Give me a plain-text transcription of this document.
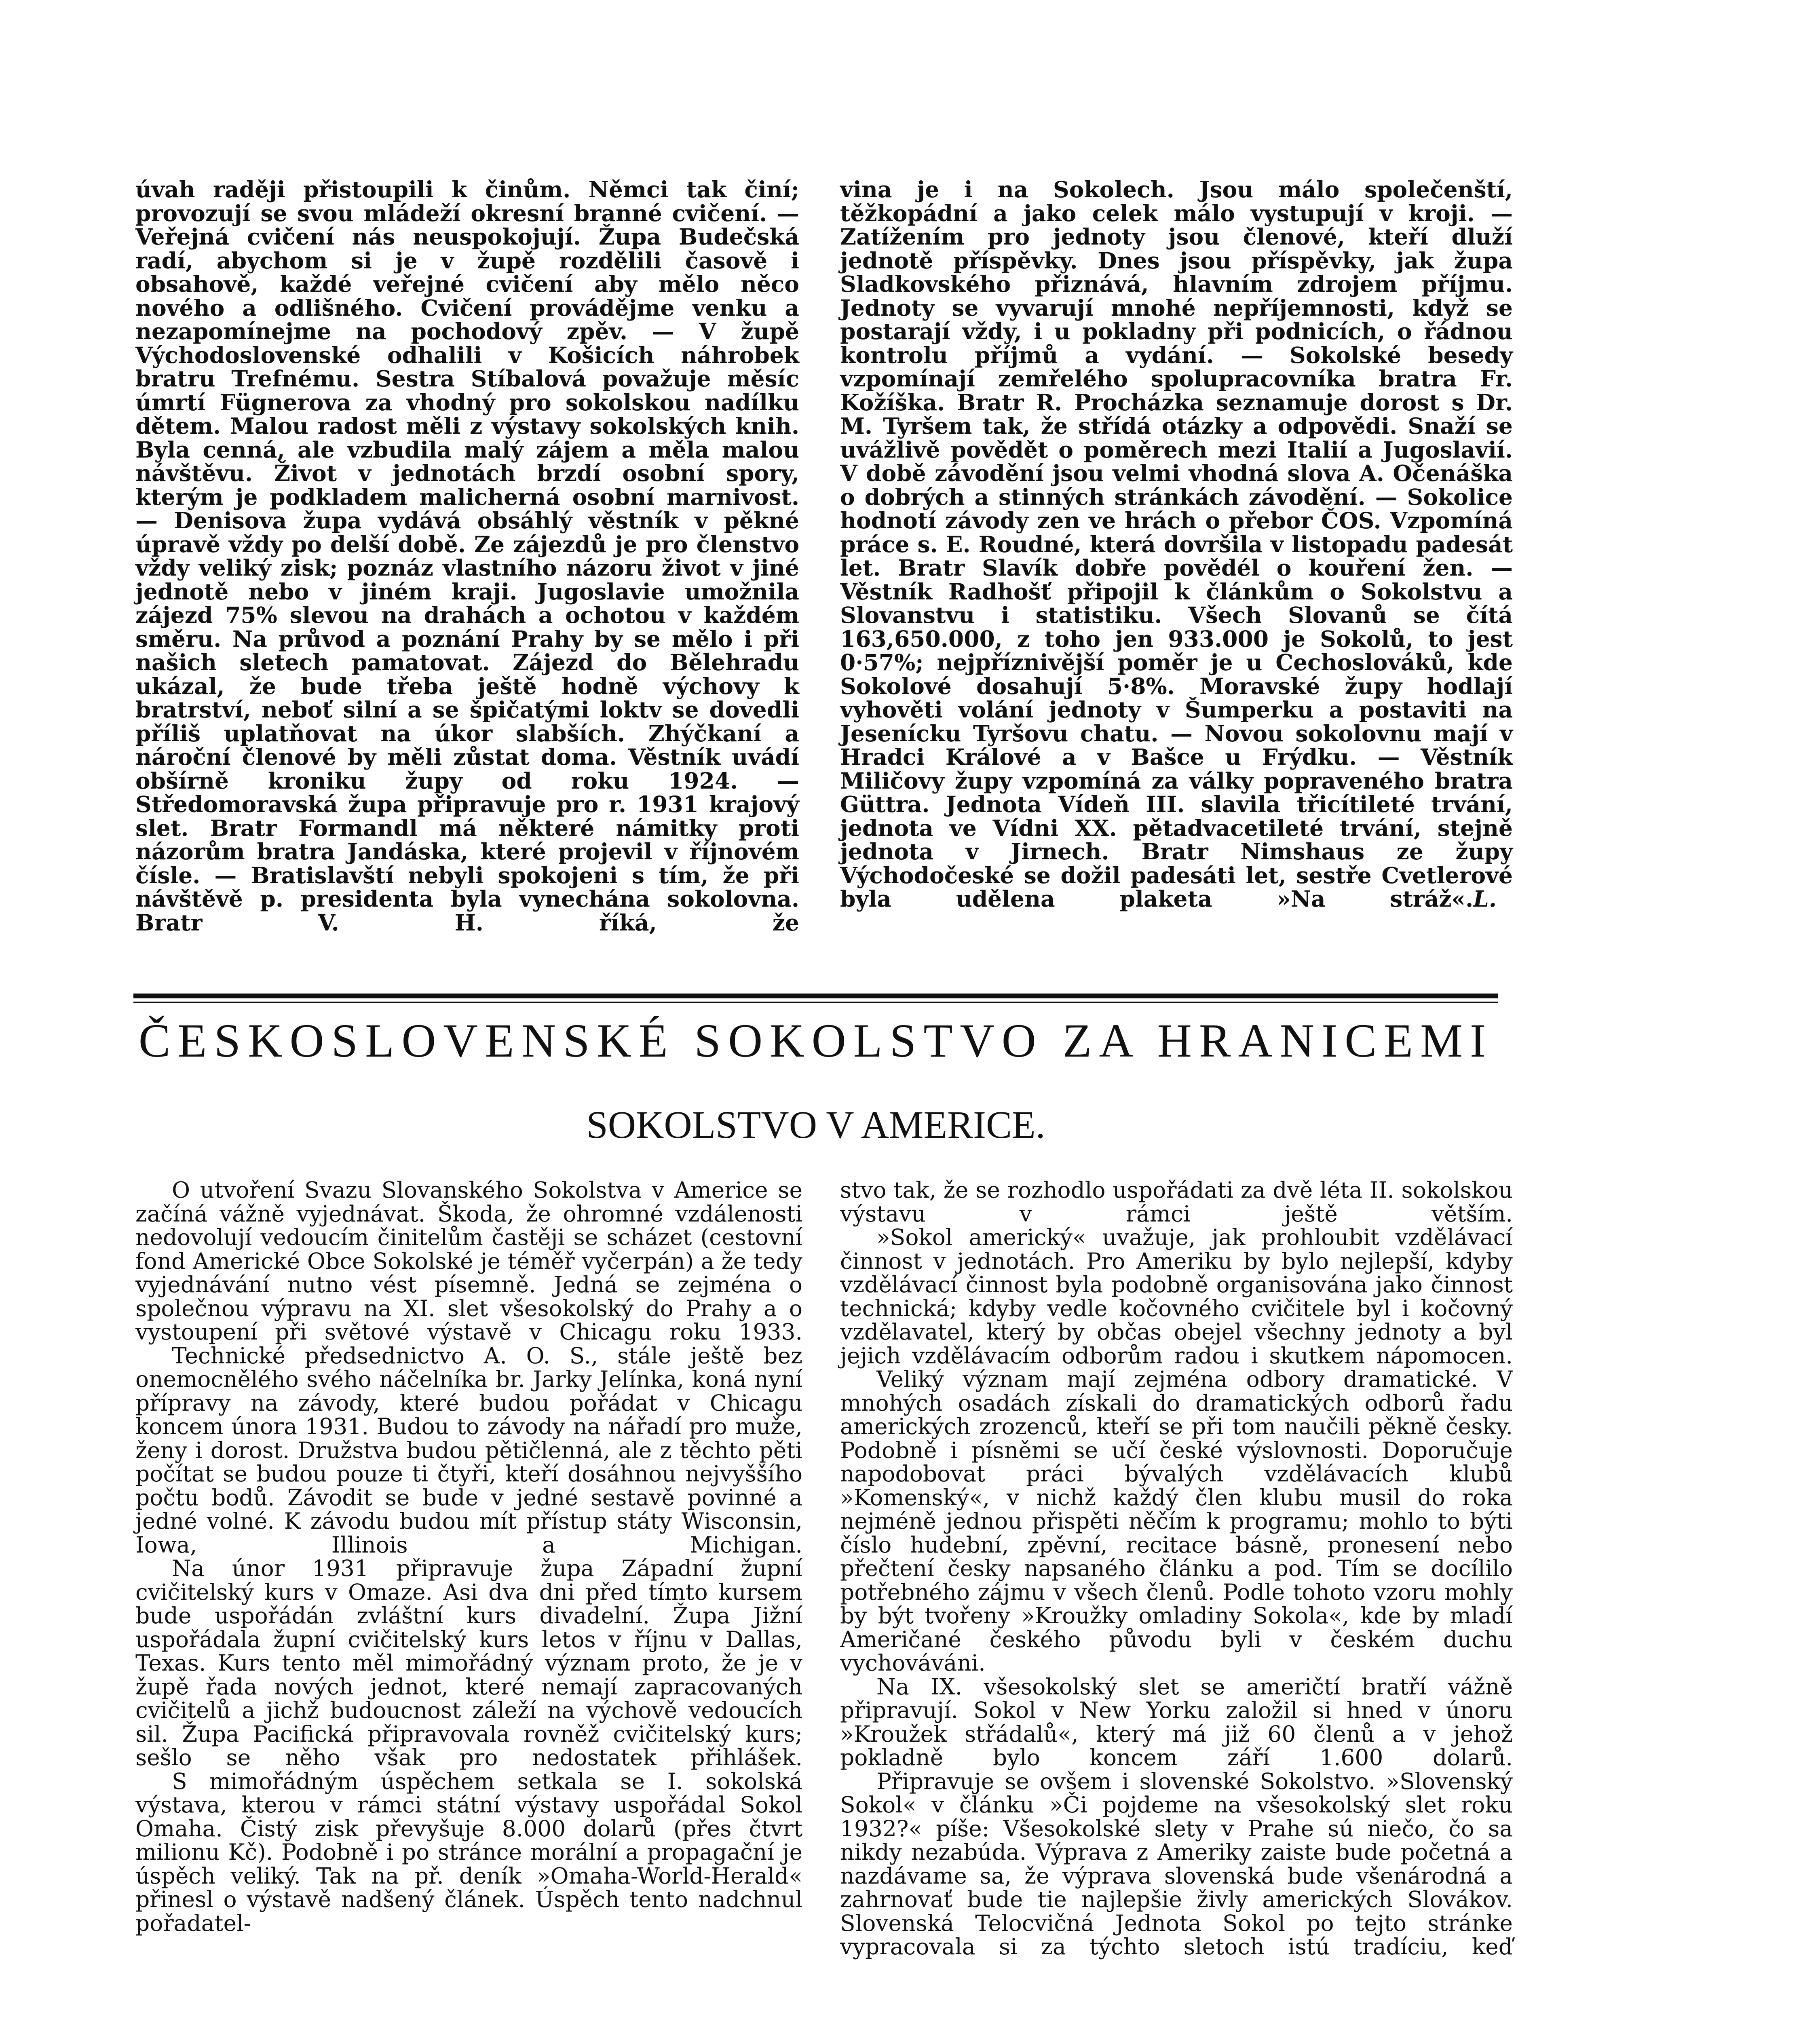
úvah raději přistoupili k činům. Němci tak činí; provozují se svou mládeží okresní branné cvičení. — Veřejná cvičení nás neuspokojují. Župa Budečská radí, abychom si je v župě rozdělili časově i obsahově, každé veřejné cvičení aby mělo něco nového a odlišného. Cvičení provádějme venku a nezapomínejme na pochodový zpěv. — V župě Východoslovenské odhalili v Košicích náhrobek bratru Trefnému. Sestra Stíbalová považuje měsíc úmrtí Fügnerova za vhodný pro sokolskou nadílku dětem. Malou radost měli z výstavy sokolských knih. Byla cenná, ale vzbudila malý zájem a měla malou návštěvu. Život v jednotách brzdí osobní spory, kterým je podkladem malicherná osobní marnivost. — Denisova župa vydává obsáhlý věstník v pěkné úpravě vždy po delší době. Ze zájezdů je pro členstvo vždy veliký zisk; poznáz vlastního názoru život v jiné jednotě nebo v jiném kraji. Jugoslavie umožnila zájezd 75% slevou na drahách a ochotou v každém směru. Na průvod a poznání Prahy by se mělo i při našich sletech pamatovat. Zájezd do Bělehradu ukázal, že bude třeba ještě hodně výchovy k bratrství, neboť silní a se špičatými loktv se dovedli příliš uplatňovat na úkor slabších. Zhýčkaní a nároční členové by měli zůstat doma. Věstník uvádí obšírně kroniku župy od roku 1924. — Středomoravská župa připravuje pro r. 1931 krajový slet. Bratr Formandl má některé námitky proti názorům bratra Jandáska, které projevil v říjnovém čísle. — Bratislavští nebyli spokojeni s tím, že při návštěvě p. presidenta byla vynechána sokolovna. Bratr V. H. říká, že

vina je i na Sokolech. Jsou málo společenští, těžkopádní a jako celek málo vystupují v kroji. — Zatížením pro jednoty jsou členové, kteří dluží jednotě příspěvky. Dnes jsou příspěvky, jak župa Sladkovského přiznává, hlavním zdrojem příjmu. Jednoty se vyvarují mnohé nepříjemnosti, když se postarají vždy, i u pokladny při podnicích, o řádnou kontrolu příjmů a vydání. — Sokolské besedy vzpomínají zemřelého spolupracovníka bratra Fr. Kožíška. Bratr R. Procházka seznamuje dorost s Dr. M. Tyršem tak, že střídá otázky a odpovědi. Snaží se uvážlivě povědět o poměrech mezi Italií a Jugoslavií. V době závodění jsou velmi vhodná slova A. Očenáška o dobrých a stinných stránkách závodění. — Sokolice hodnotí závody zen ve hrách o přebor ČOS. Vzpomíná práce s. E. Roudné, která dovršila v listopadu padesát let. Bratr Slavík dobře povědél o kouření žen. — Věstník Radhošť připojil k článkům o Sokolstvu a Slovanstvu i statistiku. Všech Slovanů se čítá 163,650.000, z toho jen 933.000 je Sokolů, to jest 0·57%; nejpříznivější poměr je u Čechoslováků, kde Sokolové dosahují 5·8%. Moravské župy hodlají vyhověti volání jednoty v Šumperku a postaviti na Jesenícku Tyršovu chatu. — Novou sokolovnu mají v Hradci Králové a v Bašce u Frýdku. — Věstník Miličovy župy vzpomíná za války popraveného bratra Güttra. Jednota Vídeň III. slavila třicítileté trvání, jednota ve Vídni XX. pětadvacetileté trvání, stejně jednota v Jirnech. Bratr Nimshaus ze župy Východočeské se dožil padesáti let, sestře Cvetlerové byla udělena plaketa »Na stráž«. L.

ČESKOSLOVENSKÉ SOKOLSTVO ZA HRANICEMI
SOKOLSTVO V AMERICE.

O utvoření Svazu Slovanského Sokolstva v Americe se začíná vážně vyjednávat. Škoda, že ohromné vzdálenosti nedovolují vedoucím činitelům častěji se scházet (cestovní fond Americké Obce Sokolské je téměř vyčerpán) a že tedy vyjednávání nutno vést písemně. Jedná se zejména o společnou výpravu na XI. slet všesokolský do Prahy a o vystoupení při světové výstavě v Chicagu roku 1933.

Technické předsednictvo A. O. S., stále ještě bez onemocnělého svého náčelníka br. Jarky Jelínka, koná nyní přípravy na závody, které budou pořádat v Chicagu koncem února 1931. Budou to závody na nářadí pro muže, ženy i dorost. Družstva budou pětičlenná, ale z těchto pěti počítat se budou pouze ti čtyři, kteří dosáhnou nejvyššího počtu bodů. Závodit se bude v jedné sestavě povinné a jedné volné. K závodu budou mít přístup státy Wisconsin, Iowa, Illinois a Michigan.

Na únor 1931 připravuje župa Západní župní cvičitelský kurs v Omaze. Asi dva dni před tímto kursem bude uspořádán zvláštní kurs divadelní. Župa Jižní uspořádala župní cvičitelský kurs letos v říjnu v Dallas, Texas. Kurs tento měl mimořádný význam proto, že je v župě řada nových jednot, které nemají zapracovaných cvičitelů a jichž budoucnost záleží na výchově vedoucích sil. Župa Pacifická připravovala rovněž cvičitelský kurs; sešlo se něho však pro nedostatek přihlášek.

S mimořádným úspěchem setkala se I. sokolská výstava, kterou v rámci státní výstavy uspořádal Sokol Omaha. Čistý zisk převyšuje 8.000 dolarů (přes čtvrt milionu Kč). Podobně i po stránce morální a propagační je úspěch veliký. Tak na př. deník »Omaha-World-Herald« přinesl o výstavě nadšený článek. Úspěch tento nadchnul pořadatel-

stvo tak, že se rozhodlo uspořádati za dvě léta II. sokolskou výstavu v rámci ještě větším.

»Sokol americký« uvažuje, jak prohloubit vzdělávací činnost v jednotách. Pro Ameriku by bylo nejlepší, kdyby vzdělávací činnost byla podobně organisována jako činnost technická; kdyby vedle kočovného cvičitele byl i kočovný vzdělavatel, který by občas obejel všechny jednoty a byl jejich vzdělávacím odborům radou i skutkem nápomocen.

Veliký význam mají zejména odbory dramatické. V mnohých osadách získali do dramatických odborů řadu amerických zrozenců, kteří se při tom naučili pěkně česky. Podobně i písněmi se učí české výslovnosti. Doporučuje napodobovat práci bývalých vzdělávacích klubů »Komenský«, v nichž každý člen klubu musil do roka nejméně jednou přispěti něčím k programu; mohlo to býti číslo hudební, zpěvní, recitace básně, pronesení nebo přečtení česky napsaného článku a pod. Tím se docílilo potřebného zájmu v všech členů. Podle tohoto vzoru mohly by být tvořeny »Kroužky omladiny Sokola«, kde by mladí Američané českého původu byli v českém duchu vychováváni.

Na IX. všesokolský slet se američtí bratří vážně připravují. Sokol v New Yorku založil si hned v únoru »Kroužek střádalů«, který má již 60 členů a v jehož pokladně bylo koncem září 1.600 dolarů.

Připravuje se ovšem i slovenské Sokolstvo. »Slovenský Sokol« v článku »Či pojdeme na všesokolský slet roku 1932?« píše: Všesokolské slety v Prahe sú niečo, čo sa nikdy nezabúda. Výprava z Ameriky zaiste bude početná a nazdávame sa, že výprava slovenská bude všenárodná a zahrnovať bude tie najlepšie živly amerických Slovákov. Slovenská Telocvičná Jednota Sokol po tejto stránke vypracovala si za týchto sletoch istú tradíciu, keď
